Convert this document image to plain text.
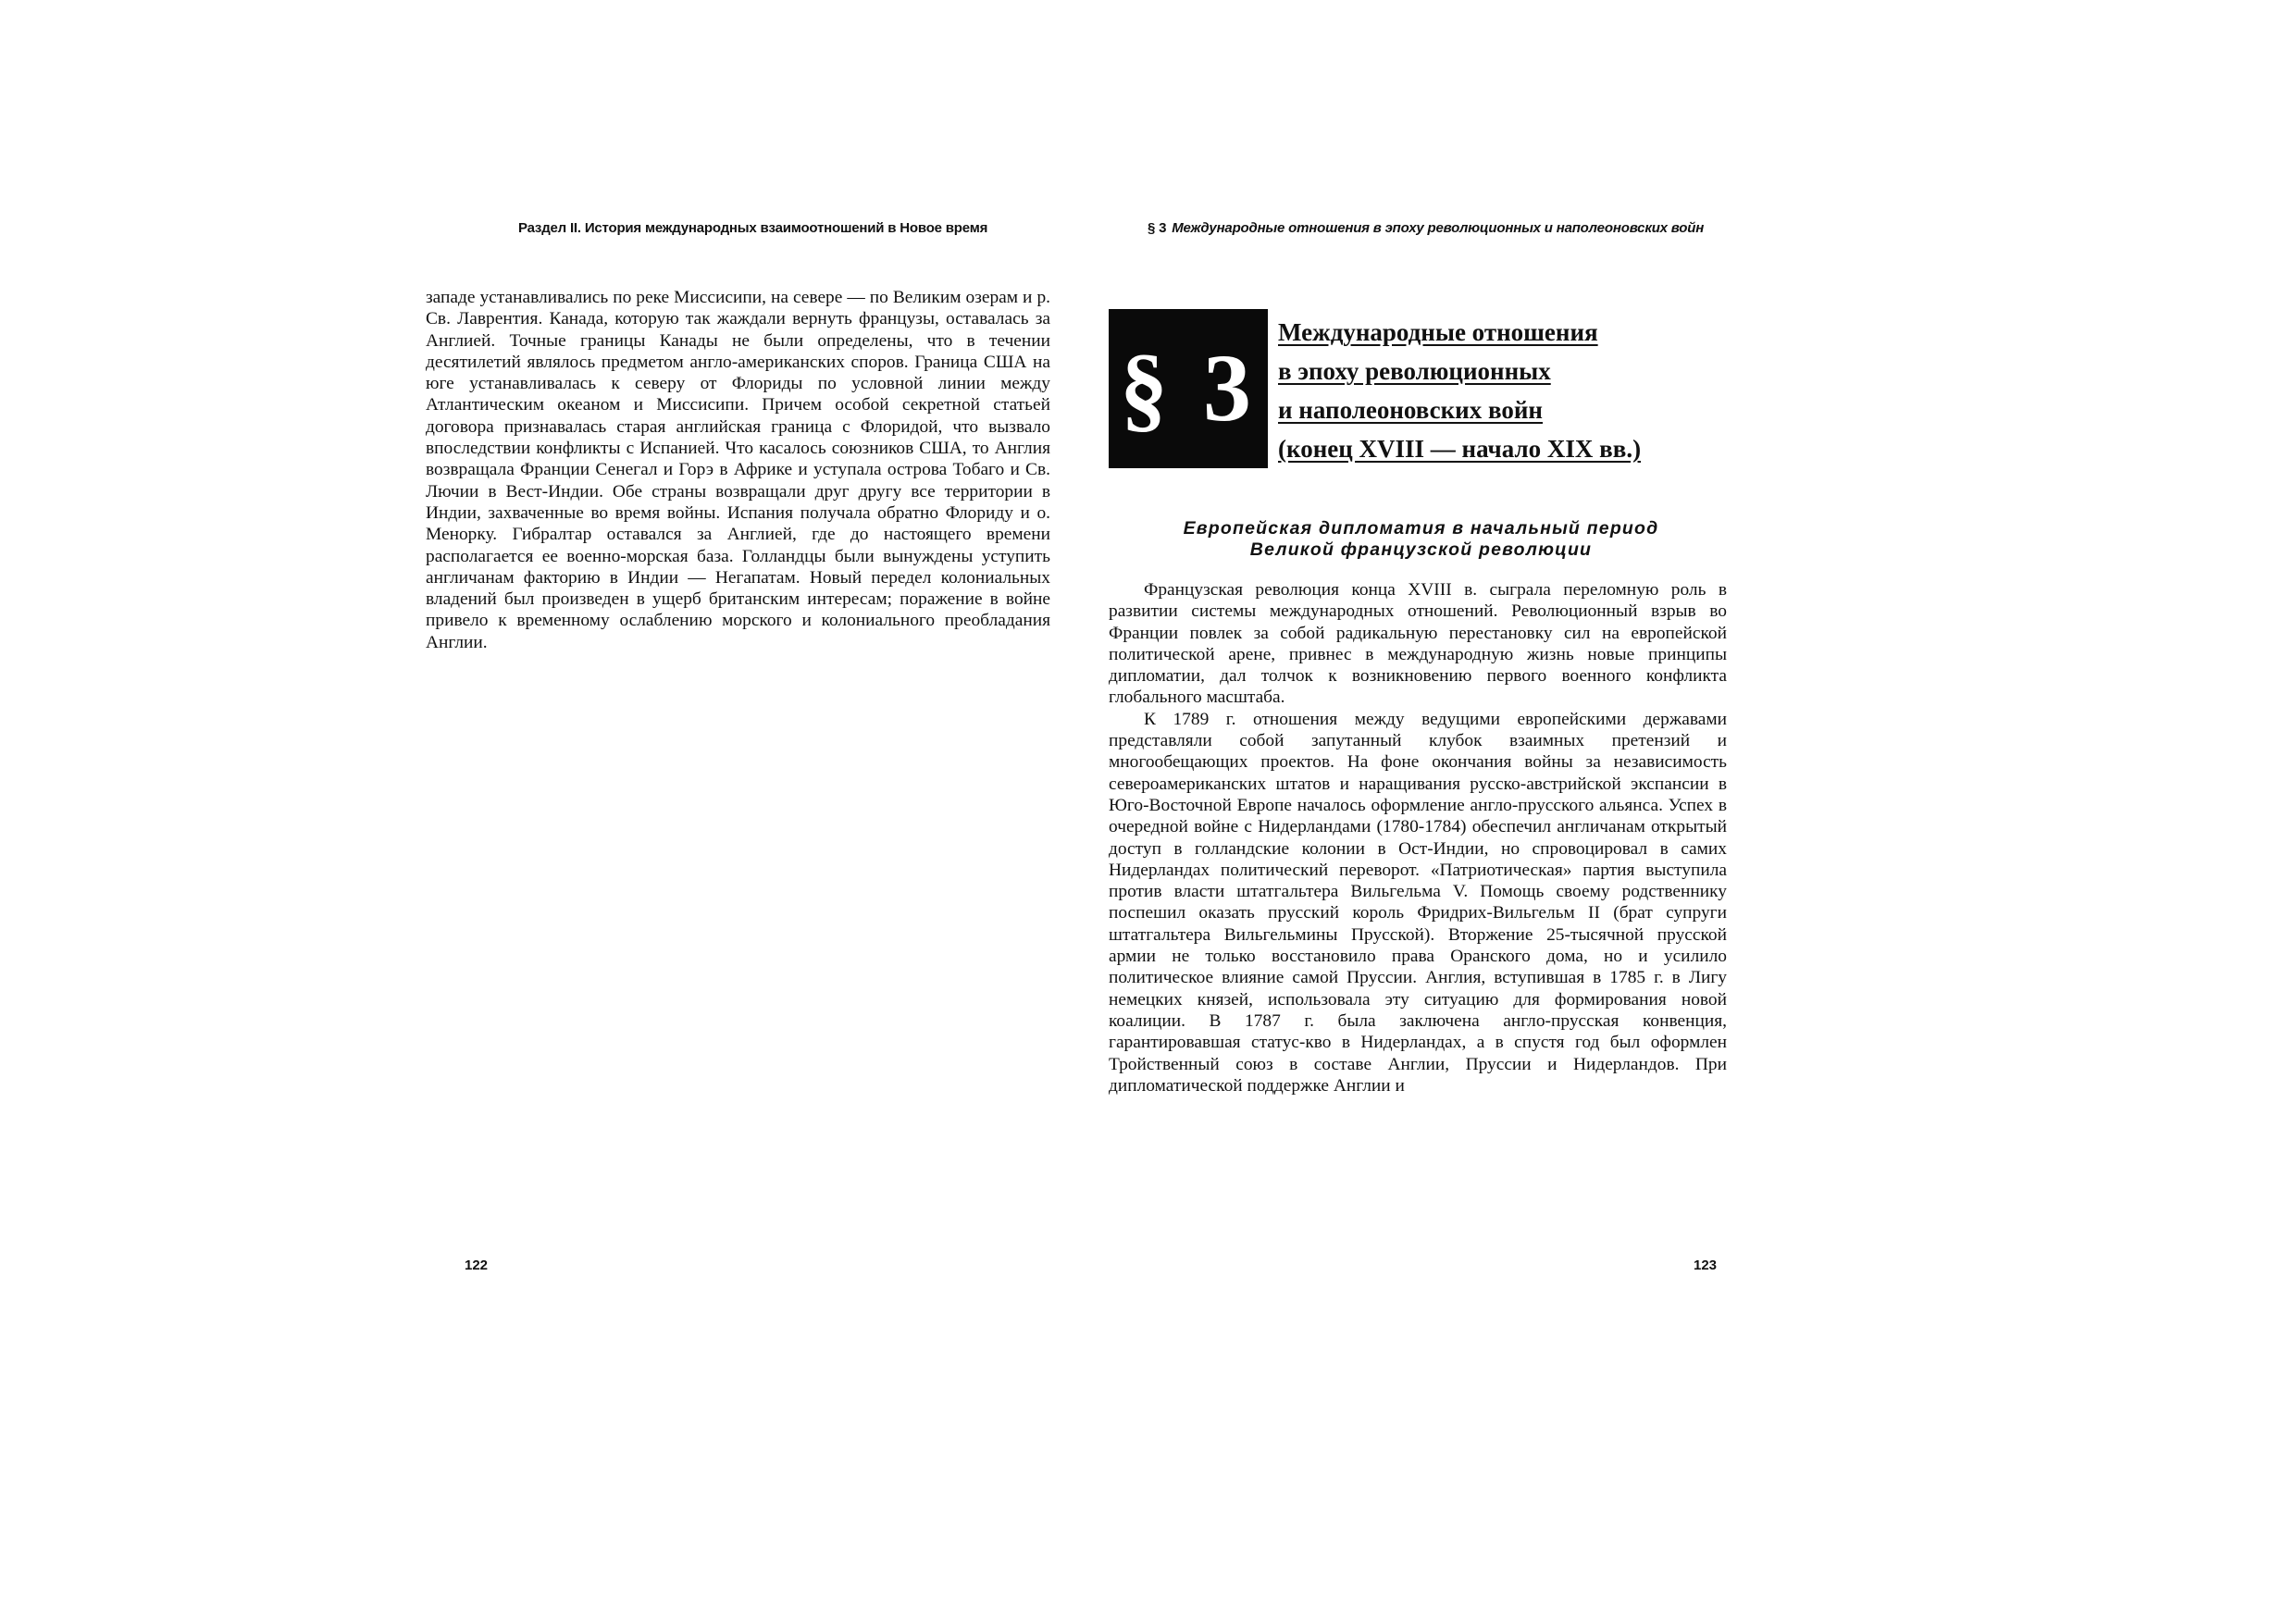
Раздел II. История международных взаимоотношений в Новое время

западе устанавливались по реке Миссисипи, на севере — по Великим озерам и р. Св. Лаврентия. Канада, которую так жаждали вернуть французы, оставалась за Англией. Точные границы Канады не были определены, что в течении десятилетий являлось предметом англо-американских споров. Граница США на юге устанавливалась к северу от Флориды по условной линии между Атлантическим океаном и Миссисипи. Причем особой секретной статьей договора признавалась старая английская граница с Флоридой, что вызвало впоследствии конфликты с Испанией. Что касалось союзников США, то Англия возвращала Франции Сенегал и Горэ в Африке и уступала острова Тобаго и Св. Лючии в Вест-Индии. Обе страны возвращали друг другу все территории в Индии, захваченные во время войны. Испания получала обратно Флориду и о. Менорку. Гибралтар оставался за Англией, где до настоящего времени располагается ее военно-морская база. Голландцы были вынуждены уступить англичанам факторию в Индии — Негапатам. Новый передел колониальных владений был произведен в ущерб британским интересам; поражение в войне привело к временному ослаблению морского и колониального преобладания Англии.

122
§ 3 Международные отношения в эпоху революционных и наполеоновских войн
§ 3
Международные отношения
в эпоху революционных
и наполеоновских войн
(конец XVIII — начало XIX вв.)
Европейская дипломатия в начальный период
Великой французской революции

Французская революция конца XVIII в. сыграла переломную роль в развитии системы международных отношений. Революционный взрыв во Франции повлек за собой радикальную перестановку сил на европейской политической арене, привнес в международную жизнь новые принципы дипломатии, дал толчок к возникновению первого военного конфликта глобального масштаба.

К 1789 г. отношения между ведущими европейскими державами представляли собой запутанный клубок взаимных претензий и многообещающих проектов. На фоне окончания войны за независимость североамериканских штатов и наращивания русско-австрийской экспансии в Юго-Восточной Европе началось оформление англо-прусского альянса. Успех в очередной войне с Нидерландами (1780-1784) обеспечил англичанам открытый доступ в голландские колонии в Ост-Индии, но спровоцировал в самих Нидерландах политический переворот. «Патриотическая» партия выступила против власти штатгальтера Вильгельма V. Помощь своему родственнику поспешил оказать прусский король Фридрих-Вильгельм II (брат супруги штатгальтера Вильгельмины Прусской). Вторжение 25-тысячной прусской армии не только восстановило права Оранского дома, но и усилило политическое влияние самой Пруссии. Англия, вступившая в 1785 г. в Лигу немецких князей, использовала эту ситуацию для формирования новой коалиции. В 1787 г. была заключена англо-прусская конвенция, гарантировавшая статус-кво в Нидерландах, а в спустя год был оформлен Тройственный союз в составе Англии, Пруссии и Нидерландов. При дипломатической поддержке Англии и

123
